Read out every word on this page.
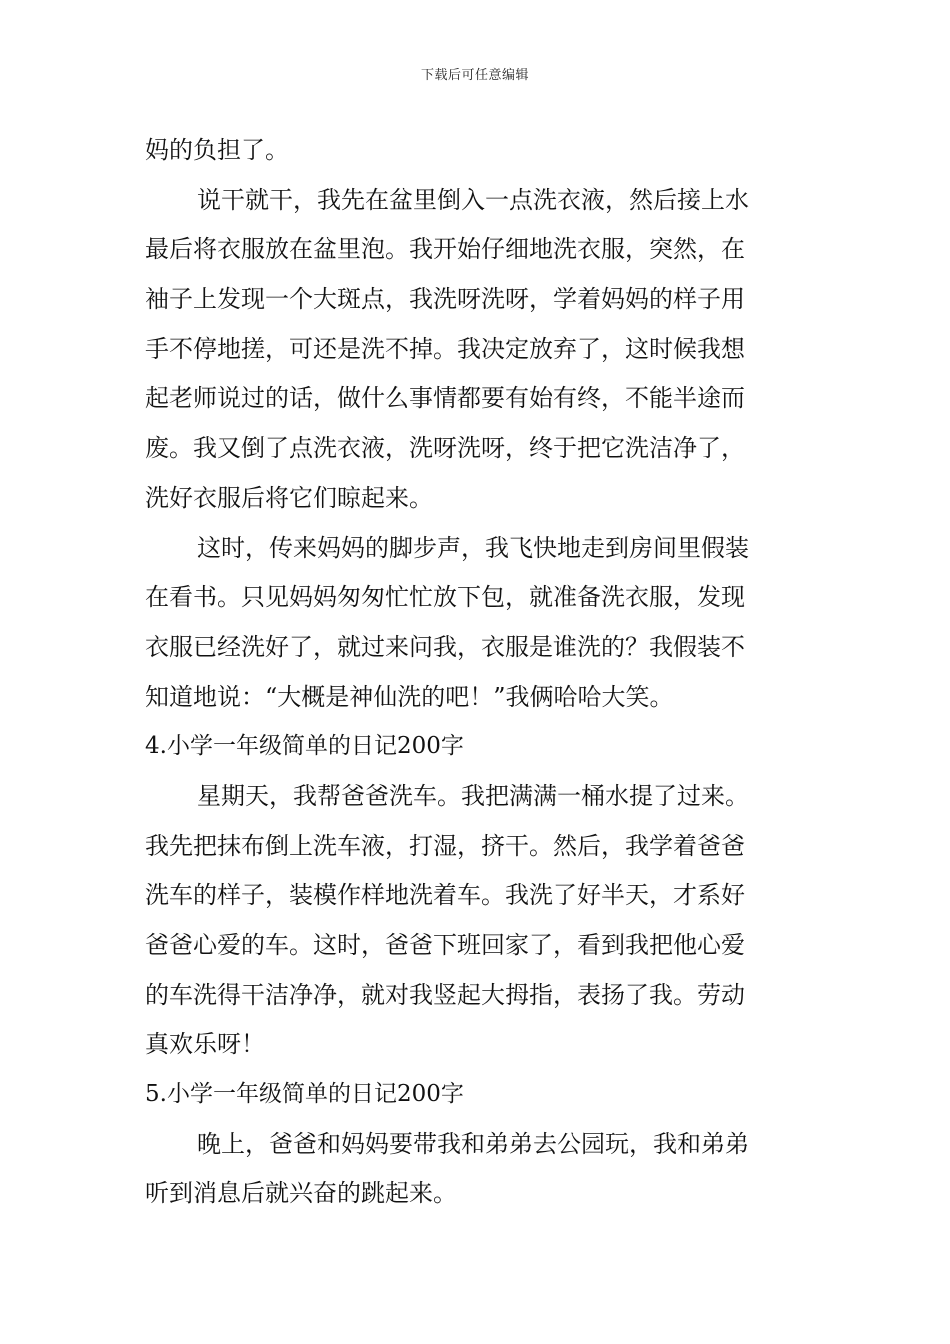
下载后可任意编辑
妈的负担了。
说干就干，我先在盆里倒入一点洗衣液，然后接上水
最后将衣服放在盆里泡。我开始仔细地洗衣服，突然，在
袖子上发现一个大斑点，我洗呀洗呀，学着妈妈的样子用
手不停地搓，可还是洗不掉。我决定放弃了，这时候我想
起老师说过的话，做什么事情都要有始有终，不能半途而
废。我又倒了点洗衣液，洗呀洗呀，终于把它洗洁净了，
洗好衣服后将它们晾起来。
这时，传来妈妈的脚步声，我飞快地走到房间里假装
在看书。只见妈妈匆匆忙忙放下包，就准备洗衣服，发现
衣服已经洗好了，就过来问我，衣服是谁洗的？我假装不
知道地说：“大概是神仙洗的吧！”我俩哈哈大笑。
4.小学一年级简单的日记200字
星期天，我帮爸爸洗车。我把满满一桶水提了过来。
我先把抹布倒上洗车液，打湿，挤干。然后，我学着爸爸
洗车的样子，装模作样地洗着车。我洗了好半天，才系好
爸爸心爱的车。这时，爸爸下班回家了，看到我把他心爱
的车洗得干洁净净，就对我竖起大拇指，表扬了我。劳动
真欢乐呀！
5.小学一年级简单的日记200字
晚上，爸爸和妈妈要带我和弟弟去公园玩，我和弟弟
听到消息后就兴奋的跳起来。
